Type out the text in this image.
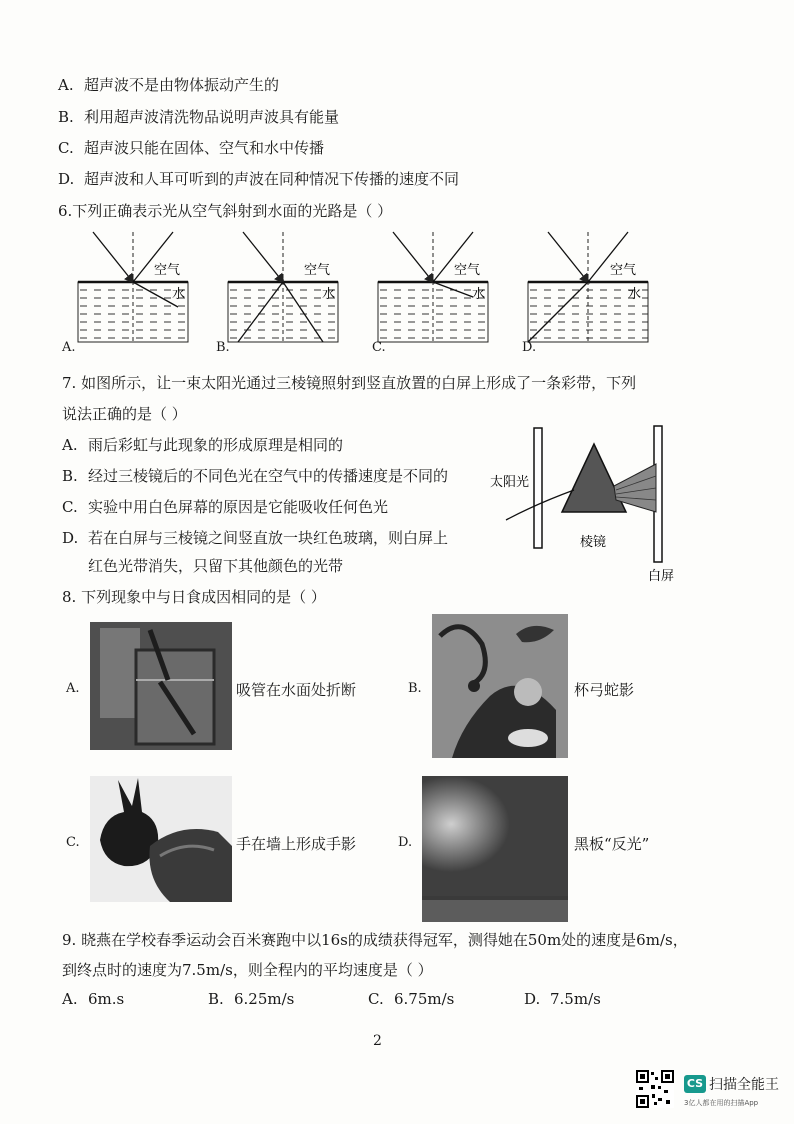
A. 超声波不是由物体振动产生的
B. 利用超声波清洗物品说明声波具有能量
C. 超声波只能在固体、空气和水中传播
D. 超声波和人耳可听到的声波在同种情况下传播的速度不同
6.下列正确表示光从空气斜射到水面的光路是（ ）
空气
水
空气
水
空气
水
空气
水
A.	B.	C.	D.
7. 如图所示，让一束太阳光通过三棱镜照射到竖直放置的白屏上形成了一条彩带，下列
说法正确的是（ ）
A. 雨后彩虹与此现象的形成原理是相同的
B. 经过三棱镜后的不同色光在空气中的传播速度是不同的
C. 实验中用白色屏幕的原因是它能吸收任何色光
D. 若在白屏与三棱镜之间竖直放一块红色玻璃，则白屏上
红色光带消失，只留下其他颜色的光带
太阳光
棱镜
白屏
8. 下列现象中与日食成因相同的是（ ）
A.	吸管在水面处折断	B.	杯弓蛇影
C.	手在墙上形成手影	D.	黑板“反光”
9. 晓燕在学校春季运动会百米赛跑中以16s的成绩获得冠军，测得她在50m处的速度是6m/s，
到终点时的速度为7.5m/s，则全程内的平均速度是（ ）
A. 6m.s	B. 6.25m/s	C. 6.75m/s	D. 7.5m/s
2
CS 扫描全能王
3亿人都在用的扫描App
